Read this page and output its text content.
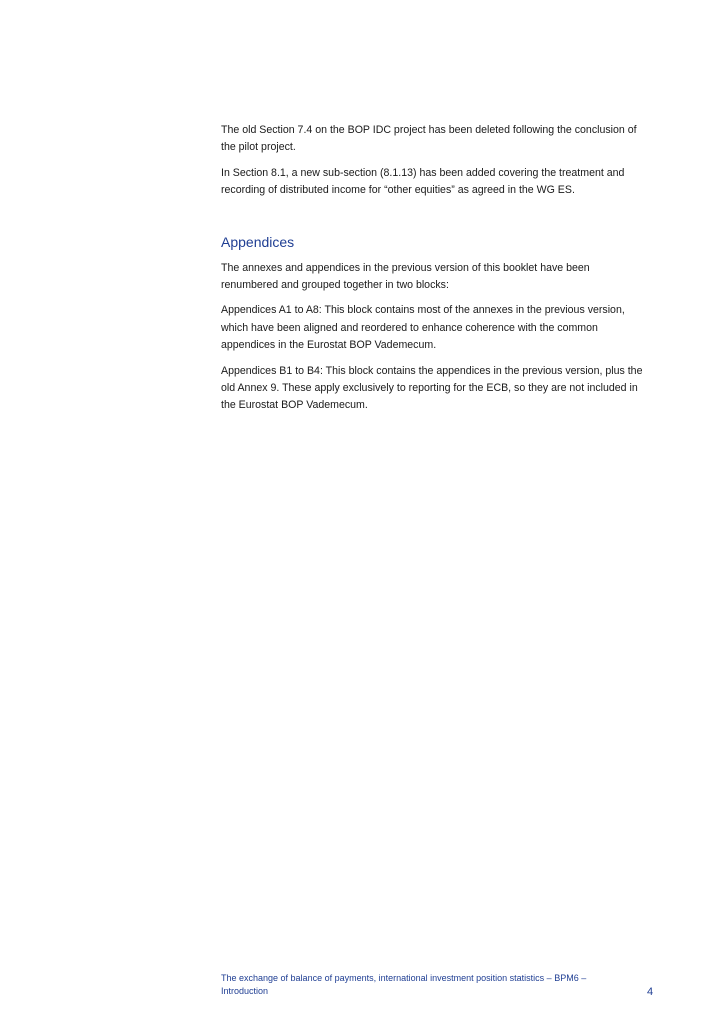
The old Section 7.4 on the BOP IDC project has been deleted following the conclusion of the pilot project.

In Section 8.1, a new sub-section (8.1.13) has been added covering the treatment and recording of distributed income for “other equities” as agreed in the WG ES.

Appendices

The annexes and appendices in the previous version of this booklet have been renumbered and grouped together in two blocks:

Appendices A1 to A8: This block contains most of the annexes in the previous version, which have been aligned and reordered to enhance coherence with the common appendices in the Eurostat BOP Vademecum.

Appendices B1 to B4: This block contains the appendices in the previous version, plus the old Annex 9. These apply exclusively to reporting for the ECB, so they are not included in the Eurostat BOP Vademecum.

The exchange of balance of payments, international investment position statistics – BPM6 –
Introduction	4
